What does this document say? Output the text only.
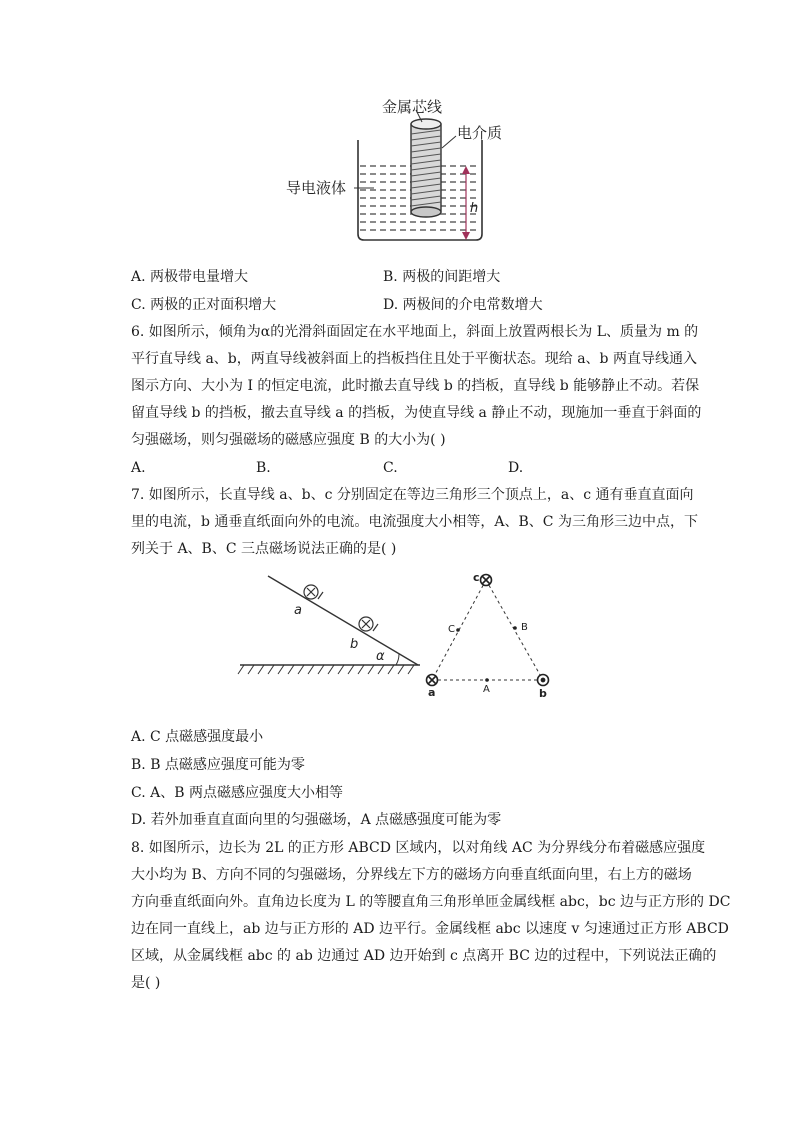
金属芯线
电介质
导电液体
h
A. 两极带电量增大	B. 两极的间距增大
C. 两极的正对面积增大	D. 两极间的介电常数增大
6. 如图所示，倾角为α的光滑斜面固定在水平地面上，斜面上放置两根长为 L、质量为 m 的
平行直导线 a、b，两直导线被斜面上的挡板挡住且处于平衡状态。现给 a、b 两直导线通入
图示方向、大小为 I 的恒定电流，此时撤去直导线 b 的挡板，直导线 b 能够静止不动。若保
留直导线 b 的挡板，撤去直导线 a 的挡板，为使直导线 a 静止不动，现施加一垂直于斜面的
匀强磁场，则匀强磁场的磁感应强度 B 的大小为( )
A.	B.	C.	D.
7. 如图所示，长直导线 a、b、c 分别固定在等边三角形三个顶点上，a、c 通有垂直直面向
里的电流，b 通垂直纸面向外的电流。电流强度大小相等，A、B、C 为三角形三边中点，下
列关于 A、B、C 三点磁场说法正确的是( )
a
b
α
c
a	b
A
B
C
A. C 点磁感强度最小
B. B 点磁感应强度可能为零
C. A、B 两点磁感应强度大小相等
D. 若外加垂直直面向里的匀强磁场，A 点磁感强度可能为零
8. 如图所示，边长为 2L 的正方形 ABCD 区域内，以对角线 AC 为分界线分布着磁感应强度
大小均为 B、方向不同的匀强磁场，分界线左下方的磁场方向垂直纸面向里，右上方的磁场
方向垂直纸面向外。直角边长度为 L 的等腰直角三角形单匝金属线框 abc，bc 边与正方形的 DC
边在同一直线上，ab 边与正方形的 AD 边平行。金属线框 abc 以速度 v 匀速通过正方形 ABCD
区域，从金属线框 abc 的 ab 边通过 AD 边开始到 c 点离开 BC 边的过程中，下列说法正确的
是( )
